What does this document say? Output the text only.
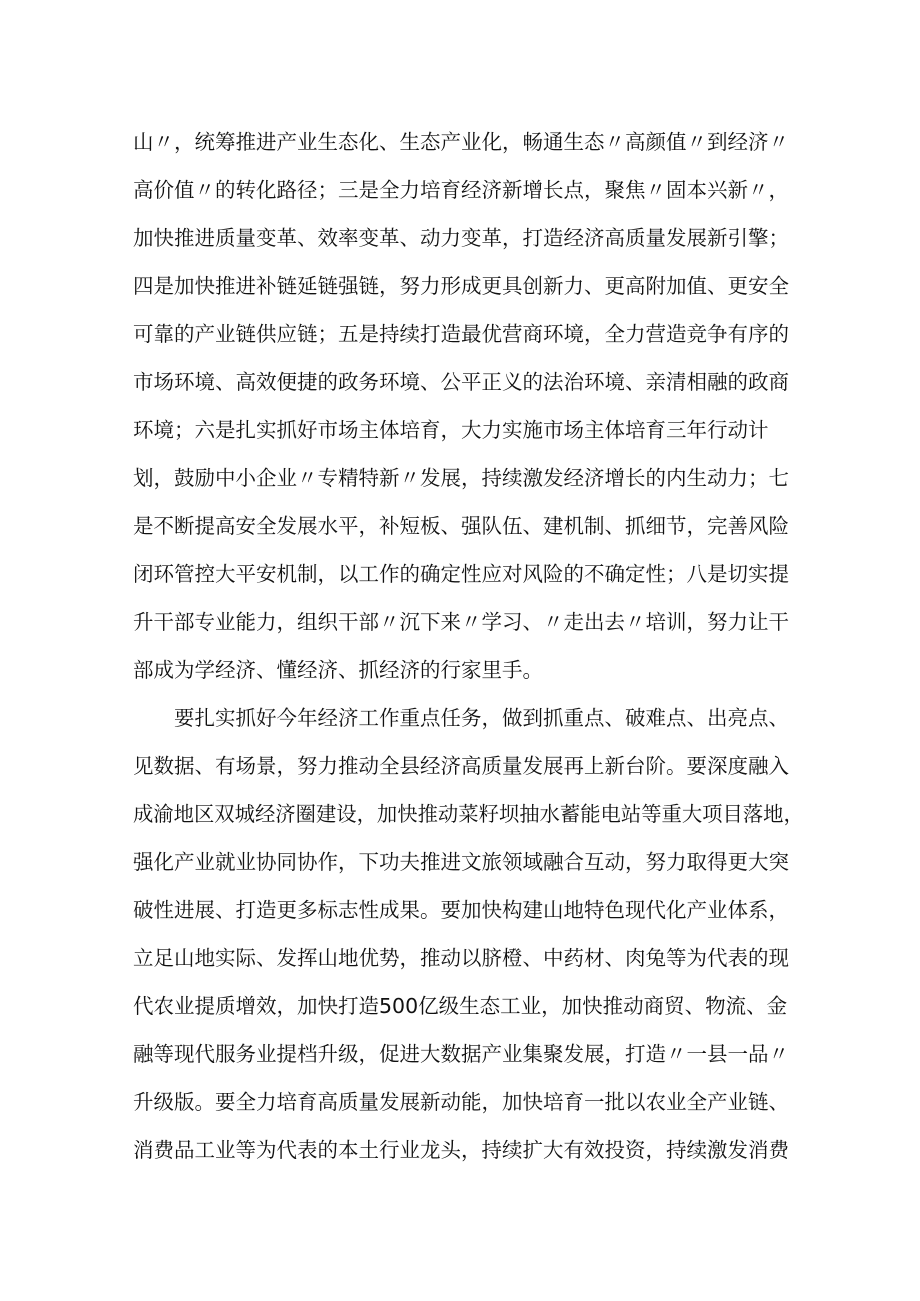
山〃，统筹推进产业生态化、生态产业化，畅通生态〃高颜值〃到经济〃
高价值〃的转化路径；三是全力培育经济新增长点，聚焦〃固本兴新〃，
加快推进质量变革、效率变革、动力变革，打造经济高质量发展新引擎；
四是加快推进补链延链强链，努力形成更具创新力、更高附加值、更安全
可靠的产业链供应链；五是持续打造最优营商环境，全力营造竞争有序的
市场环境、高效便捷的政务环境、公平正义的法治环境、亲清相融的政商
环境；六是扎实抓好市场主体培育，大力实施市场主体培育三年行动计
划，鼓励中小企业〃专精特新〃发展，持续激发经济增长的内生动力；七
是不断提高安全发展水平，补短板、强队伍、建机制、抓细节，完善风险
闭环管控大平安机制，以工作的确定性应对风险的不确定性；八是切实提
升干部专业能力，组织干部〃沉下来〃学习、〃走出去〃培训，努力让干
部成为学经济、懂经济、抓经济的行家里手。
要扎实抓好今年经济工作重点任务，做到抓重点、破难点、出亮点、
见数据、有场景，努力推动全县经济高质量发展再上新台阶。要深度融入
成渝地区双城经济圈建设，加快推动菜籽坝抽水蓄能电站等重大项目落地，
强化产业就业协同协作，下功夫推进文旅领域融合互动，努力取得更大突
破性进展、打造更多标志性成果。要加快构建山地特色现代化产业体系，
立足山地实际、发挥山地优势，推动以脐橙、中药材、肉兔等为代表的现
代农业提质增效，加快打造500亿级生态工业，加快推动商贸、物流、金
融等现代服务业提档升级，促进大数据产业集聚发展，打造〃一县一品〃
升级版。要全力培育高质量发展新动能，加快培育一批以农业全产业链、
消费品工业等为代表的本土行业龙头，持续扩大有效投资，持续激发消费
